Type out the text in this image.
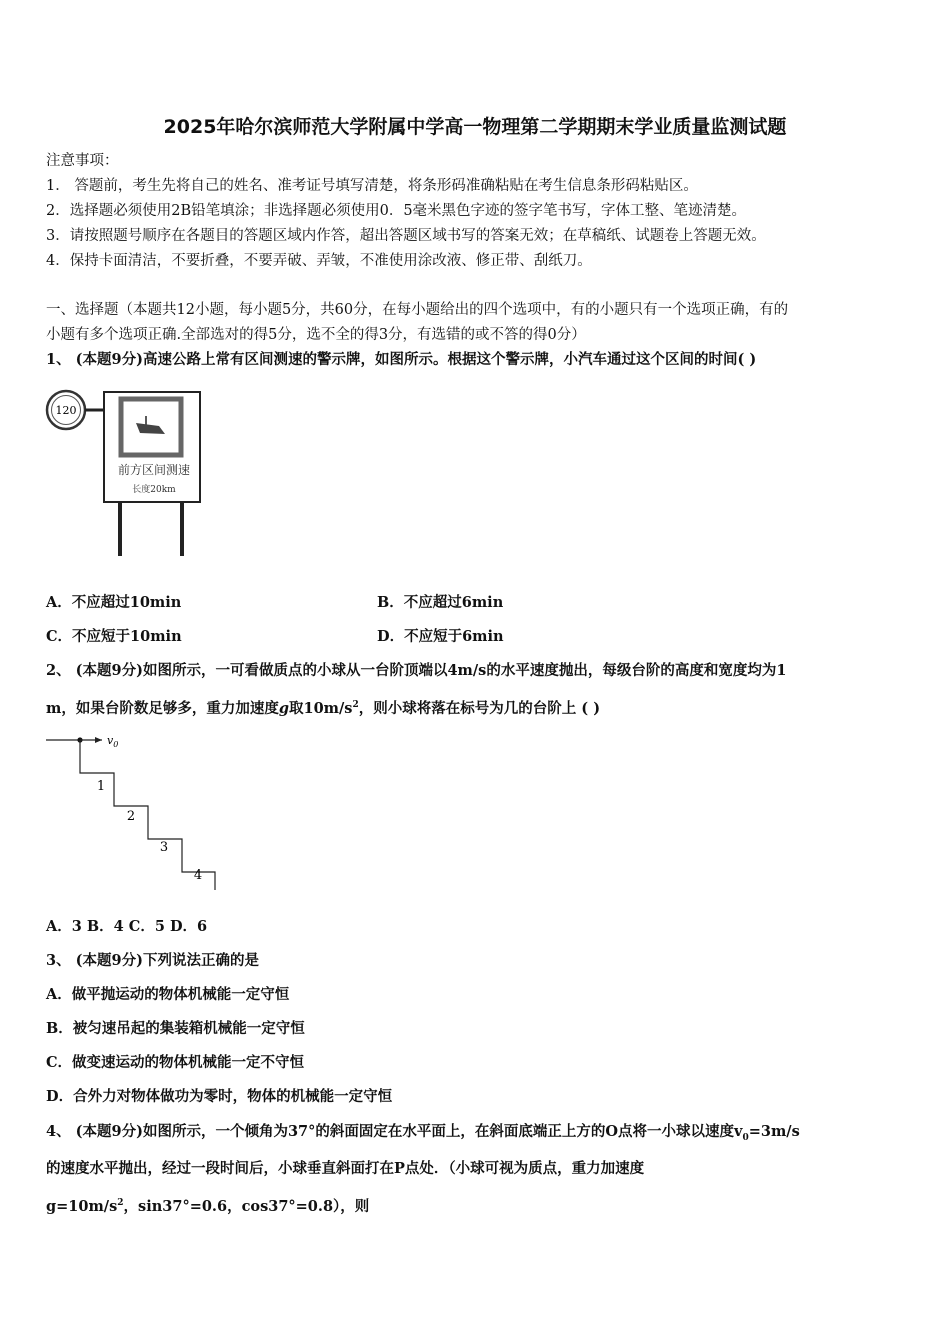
2025年哈尔滨师范大学附属中学高一物理第二学期期末学业质量监测试题
注意事项：
1． 答题前，考生先将自己的姓名、准考证号填写清楚，将条形码准确粘贴在考生信息条形码粘贴区。
2．选择题必须使用2B铅笔填涂；非选择题必须使用0．5毫米黑色字迹的签字笔书写，字体工整、笔迹清楚。
3．请按照题号顺序在各题目的答题区域内作答，超出答题区域书写的答案无效；在草稿纸、试题卷上答题无效。
4．保持卡面清洁，不要折叠，不要弄破、弄皱，不准使用涂改液、修正带、刮纸刀。
一、选择题（本题共12小题，每小题5分，共60分，在每小题给出的四个选项中，有的小题只有一个选项正确，有的
小题有多个选项正确.全部选对的得5分，选不全的得3分，有选错的或不答的得0分）
1、 (本题9分)高速公路上常有区间测速的警示牌，如图所示。根据这个警示牌，小汽车通过这个区间的时间( )
120
前方区间测速
长度20km
A．不应超过10min	B．不应超过6min
C．不应短于10min	D．不应短于6min
2、 (本题9分)如图所示，一可看做质点的小球从一台阶顶端以4m/s的水平速度抛出，每级台阶的高度和宽度均为1
m，如果台阶数足够多，重力加速度g取$10m/s^2$，则小球将落在标号为几的台阶上 ( )
$v_0$
1
2
3
4
A．3 B．4 C．5 D．6
3、 (本题9分)下列说法正确的是
A．做平抛运动的物体机械能一定守恒
B．被匀速吊起的集装箱机械能一定守恒
C．做变速运动的物体机械能一定不守恒
D．合外力对物体做功为零时，物体的机械能一定守恒
4、 (本题9分)如图所示，一个倾角为37°的斜面固定在水平面上，在斜面底端正上方的O点将一小球以速度$v_0=3m/s$
的速度水平抛出，经过一段时间后，小球垂直斜面打在P点处．（小球可视为质点，重力加速度
$g=10m/s^2$，sin37°=0.6，cos37°=0.8），则
